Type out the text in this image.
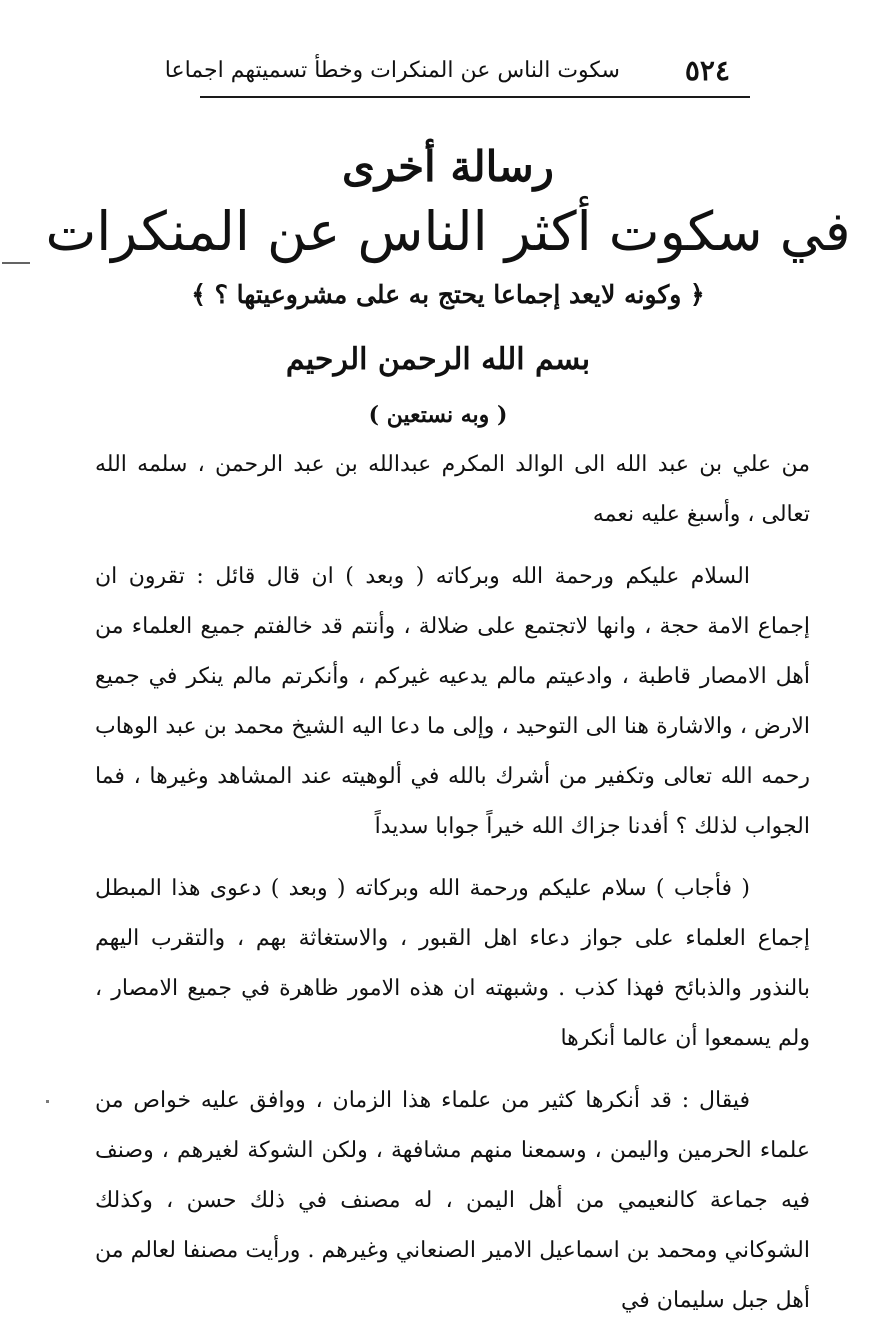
٥٢٤
سكوت الناس عن المنكرات وخطأ تسميتهم اجماعا
رسالة أخرى
في سكوت أكثر الناس عن المنكرات
﴿ وكونه لايعد إجماعا يحتج به على مشروعيتها ؟ ﴾
بسم الله الرحمن الرحيم
( وبه نستعين )

من علي بن عبد الله الى الوالد المكرم عبدالله بن عبد الرحمن ، سلمه الله تعالى ، وأسبغ عليه نعمه

السلام عليكم ورحمة الله وبركاته ( وبعد ) ان قال قائل : تقرون ان إجماع الامة حجة ، وانها لاتجتمع على ضلالة ، وأنتم قد خالفتم جميع العلماء من أهل الامصار قاطبة ، وادعيتم مالم يدعيه غيركم ، وأنكرتم مالم ينكر في جميع الارض ، والاشارة هنا الى التوحيد ، وإلى ما دعا اليه الشيخ محمد بن عبد الوهاب رحمه الله تعالى وتكفير من أشرك بالله في ألوهيته عند المشاهد وغيرها ، فما الجواب لذلك ؟ أفدنا جزاك الله خيراً جوابا سديداً

( فأجاب ) سلام عليكم ورحمة الله وبركاته ( وبعد ) دعوى هذا المبطل إجماع العلماء على جواز دعاء اهل القبور ، والاستغاثة بهم ، والتقرب اليهم بالنذور والذبائح فهذا كذب . وشبهته ان هذه الامور ظاهرة في جميع الامصار ، ولم يسمعوا أن عالما أنكرها

فيقال : قد أنكرها كثير من علماء هذا الزمان ، ووافق عليه خواص من علماء الحرمين واليمن ، وسمعنا منهم مشافهة ، ولكن الشوكة لغيرهم ، وصنف فيه جماعة كالنعيمي من أهل اليمن ، له مصنف في ذلك حسن ، وكذلك الشوكاني ومحمد بن اسماعيل الامير الصنعاني وغيرهم . ورأيت مصنفا لعالم من أهل جبل سليمان في
